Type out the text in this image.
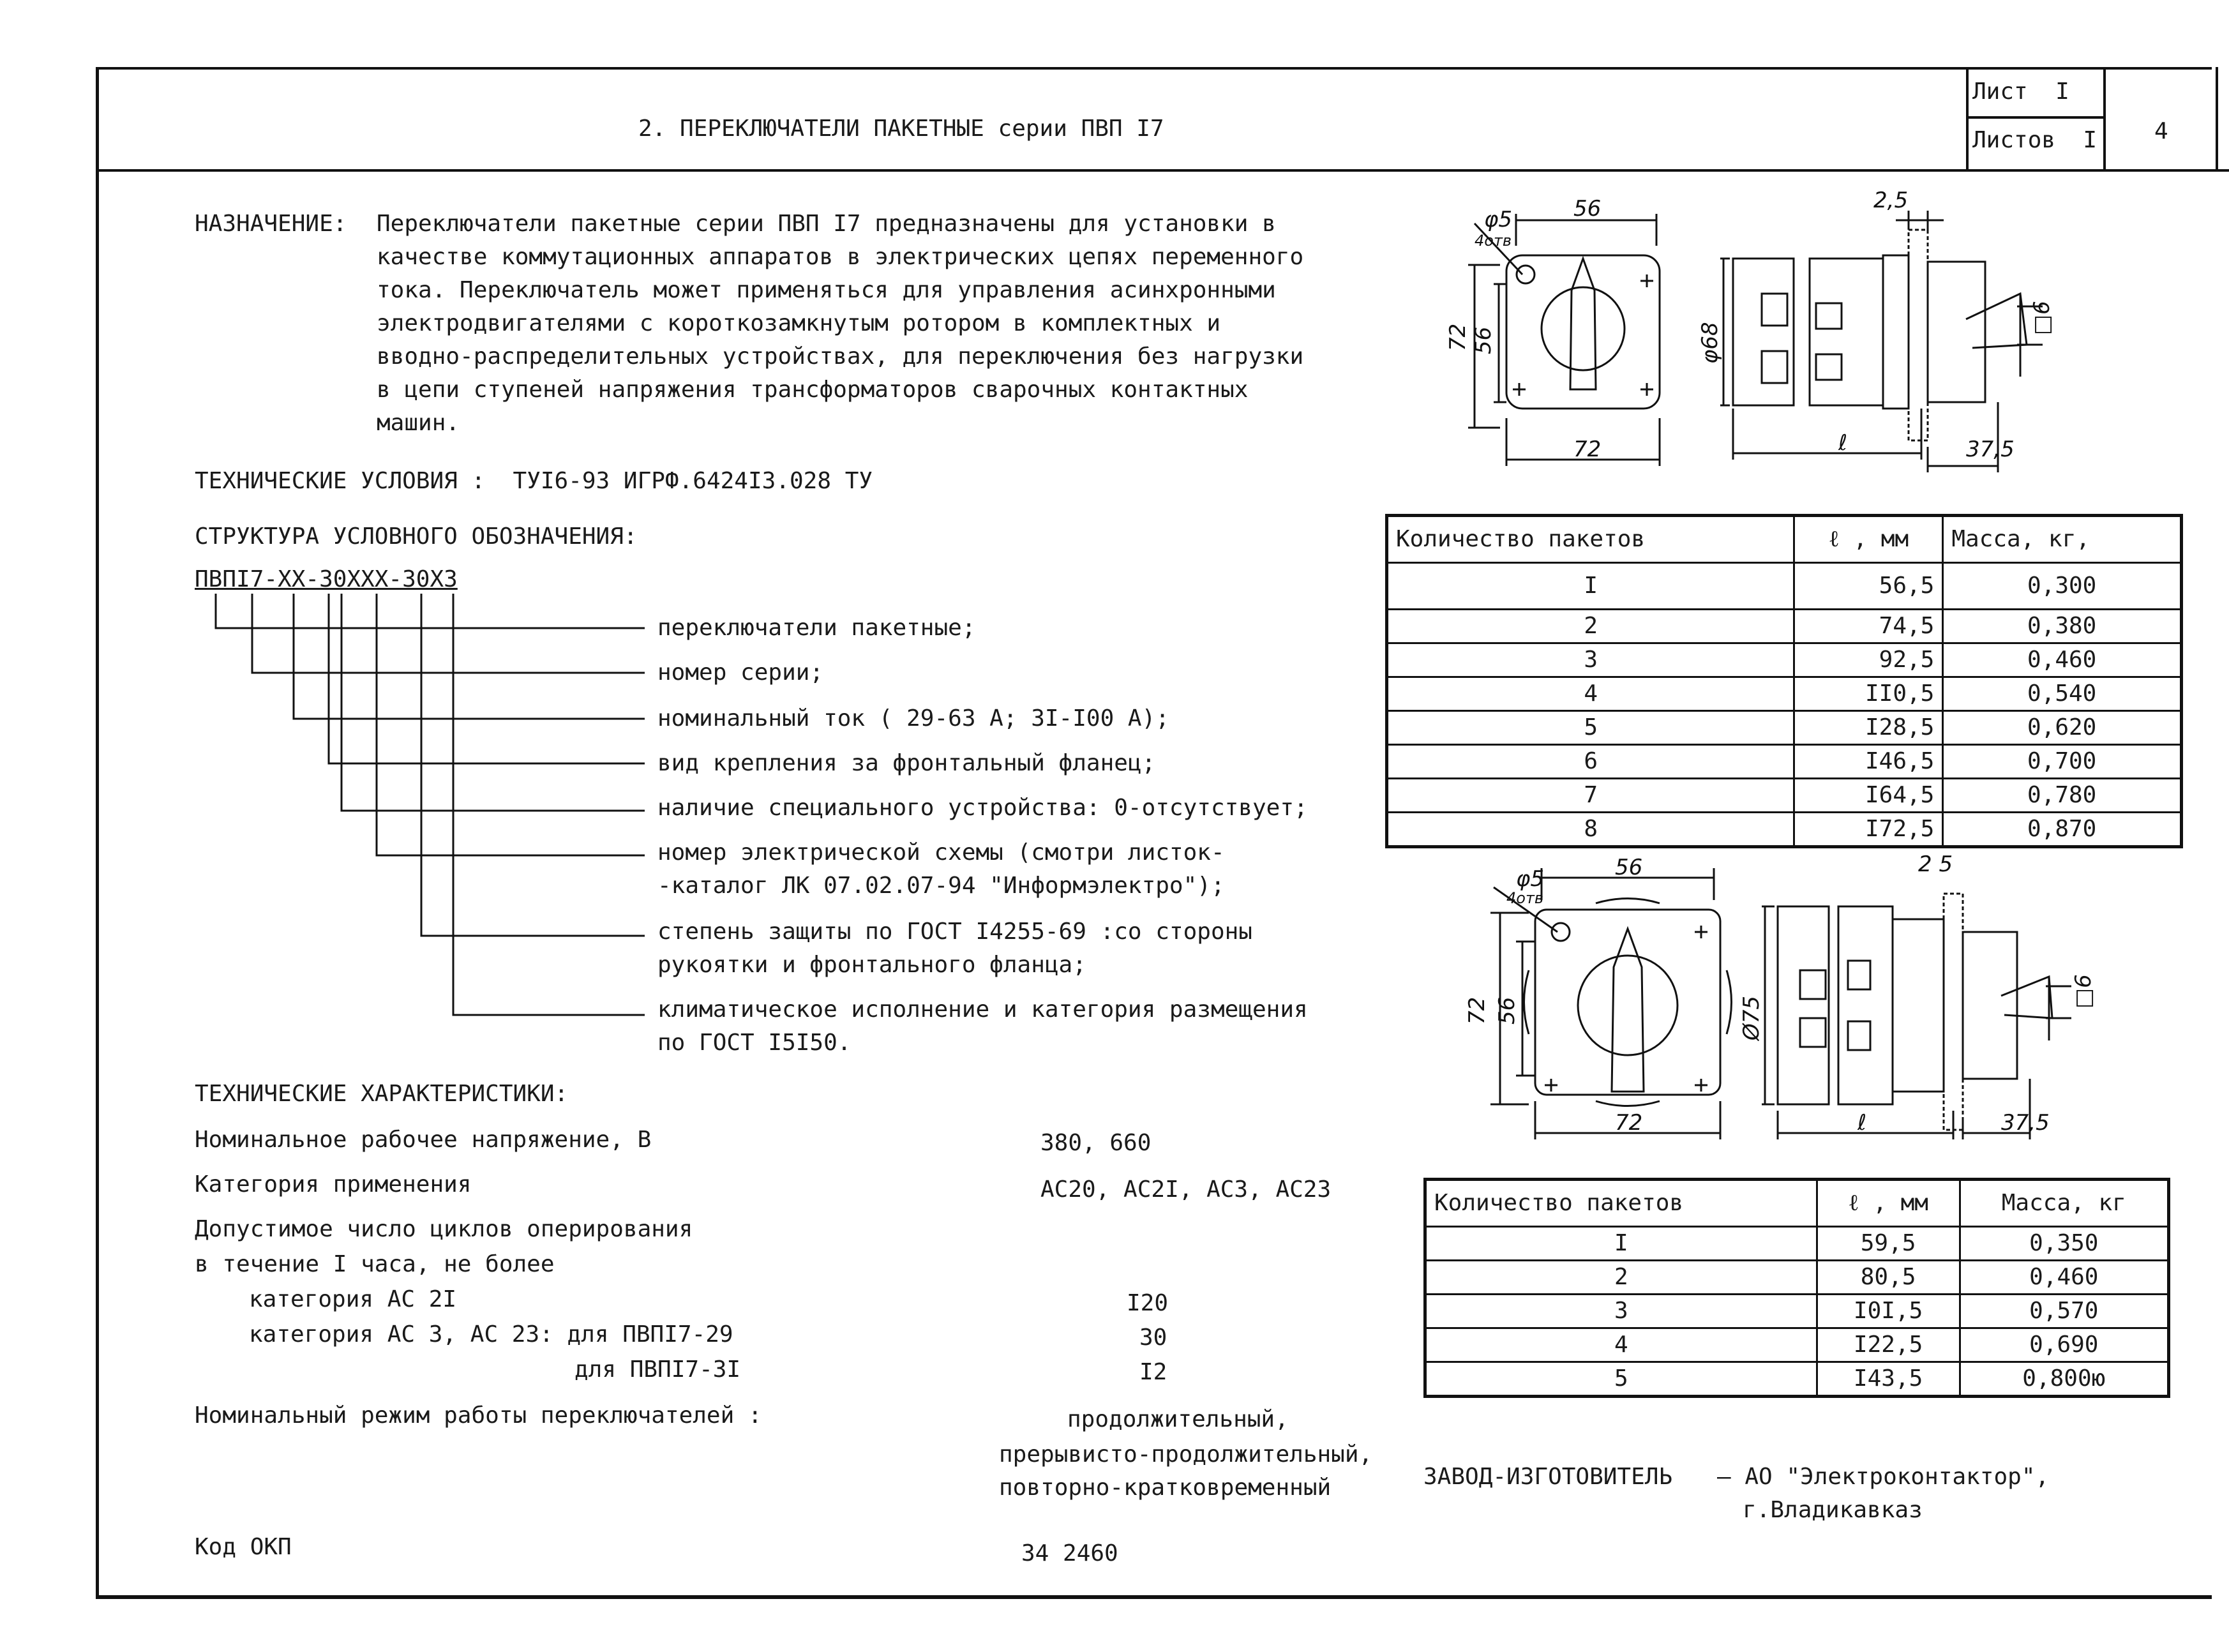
2. ПЕРЕКЛЮЧАТЕЛИ ПАКЕТНЫЕ серии ПВП I7
Лист I
Листов I 4
НАЗНАЧЕНИЕ: Переключатели пакетные серии ПВП I7 предназначены для установки в
качестве коммутационных аппаратов в электрических цепях переменного
тока. Переключатель может применяться для управления асинхронными
электродвигателями с короткозамкнутым ротором в комплектных и
вводно-распределительных устройствах, для переключения без нагрузки
в цепи ступеней напряжения трансформаторов сварочных контактных
машин.
ТЕХНИЧЕСКИЕ УСЛОВИЯ : ТУI6-93 ИГРФ.6424I3.028 ТУ
СТРУКТУРА УСЛОВНОГО ОБОЗНАЧЕНИЯ:
ПВПI7-ХХ-30ХХХ-30Х3
переключатели пакетные;
номер серии;
номинальный ток ( 29-63 А; 3I-I00 А);
вид крепления за фронтальный фланец;
наличие специального устройства: 0-отсутствует;
номер электрической схемы (смотри листок-
-каталог ЛК 07.02.07-94 "Информэлектро");
степень защиты по ГОСТ I4255-69 :со стороны
рукоятки и фронтального фланца;
климатическое исполнение и категория размещения
по ГОСТ I5I50.
ТЕХНИЧЕСКИЕ ХАРАКТЕРИСТИКИ:
Номинальное рабочее напряжение, В	380, 660
Категория применения	АС20, АС2I, АС3, АС23
Допустимое число циклов оперирования
в течение I часа, не более
категория АС 2I	I20
категория АС 3, АС 23: для ПВПI7-29	30
для ПВПI7-3I	I2
Номинальный режим работы переключателей :	продолжительный,
прерывисто-продолжительный,
повторно-кратковременный
Код ОКП	34 2460
ЗАВОД-ИЗГОТОВИТЕЛЬ – АО "Электроконтактор",
г.Владикавказ
Количество пакетов	ℓ , мм	Масса, кг,
I	56,5	0,300
2	74,5	0,380
3	92,5	0,460
4	II0,5	0,540
5	I28,5	0,620
6	I46,5	0,700
7	I64,5	0,780
8	I72,5	0,870
Количество пакетов	ℓ , мм	Масса, кг
I	59,5	0,350
2	80,5	0,460
3	I0I,5	0,570
4	I22,5	0,690
5	I43,5	0,800ю
φ5
4отв
56
72 56
72
φ68
ℓ	37,5
2,5
□6
φ5
4отв
56
72 56
72
Ø75
ℓ	37,5
2 5
□6
